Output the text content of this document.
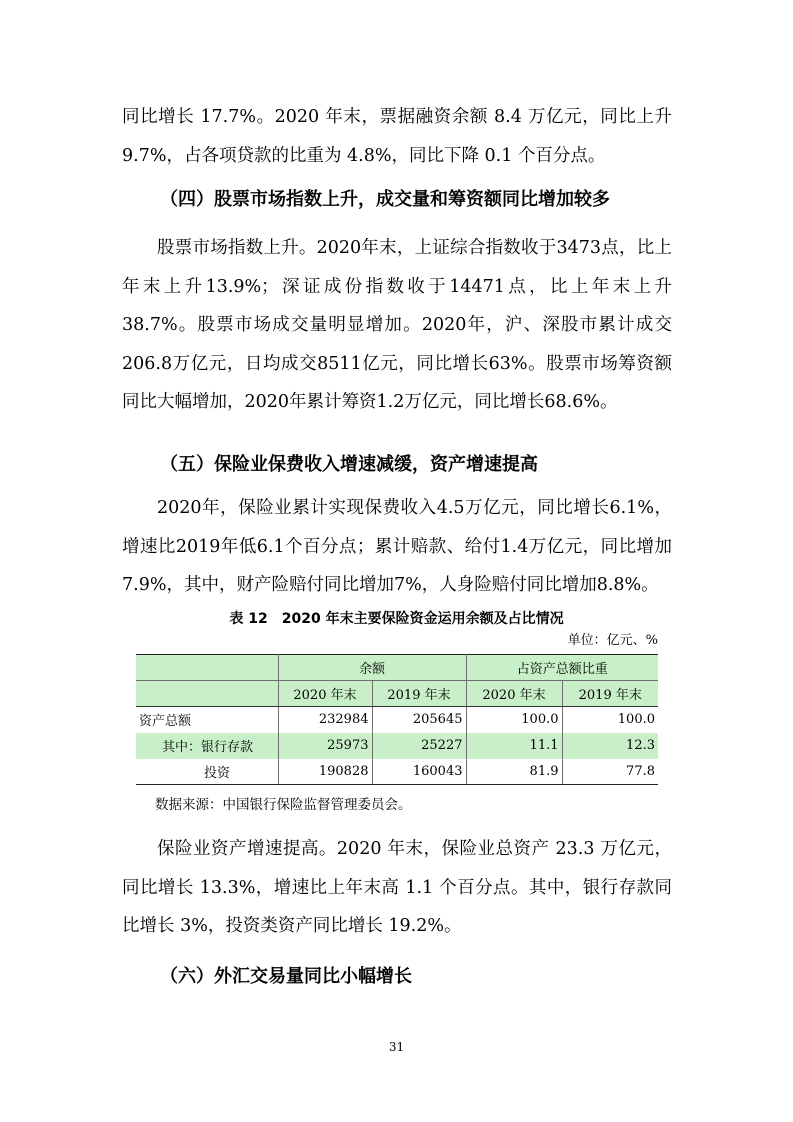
同比增长 17.7%。2020 年末，票据融资余额 8.4 万亿元，同比上升 9.7%，占各项贷款的比重为 4.8%，同比下降 0.1 个百分点。

（四）股票市场指数上升，成交量和筹资额同比增加较多

股票市场指数上升。2020年末，上证综合指数收于3473点，比上年末上升13.9%；深证成份指数收于14471点，比上年末上升38.7%。股票市场成交量明显增加。2020年，沪、深股市累计成交206.8万亿元，日均成交8511亿元，同比增长63%。股票市场筹资额同比大幅增加，2020年累计筹资1.2万亿元，同比增长68.6%。

（五）保险业保费收入增速减缓，资产增速提高

2020年，保险业累计实现保费收入4.5万亿元，同比增长6.1%，增速比2019年低6.1个百分点；累计赔款、给付1.4万亿元，同比增加7.9%，其中，财产险赔付同比增加7%，人身险赔付同比增加8.8%。

表 12　2020 年末主要保险资金运用余额及占比情况

单位：亿元、%

	余额		占资产总额比重	
	2020 年末	2019 年末	2020 年末	2019 年末
资产总额	232984	205645	100.0	100.0
其中：银行存款	25973	25227	11.1	12.3
投资	190828	160043	81.9	77.8

数据来源：中国银行保险监督管理委员会。

保险业资产增速提高。2020 年末，保险业总资产 23.3 万亿元，同比增长 13.3%，增速比上年末高 1.1 个百分点。其中，银行存款同比增长 3%，投资类资产同比增长 19.2%。

（六）外汇交易量同比小幅增长

31
